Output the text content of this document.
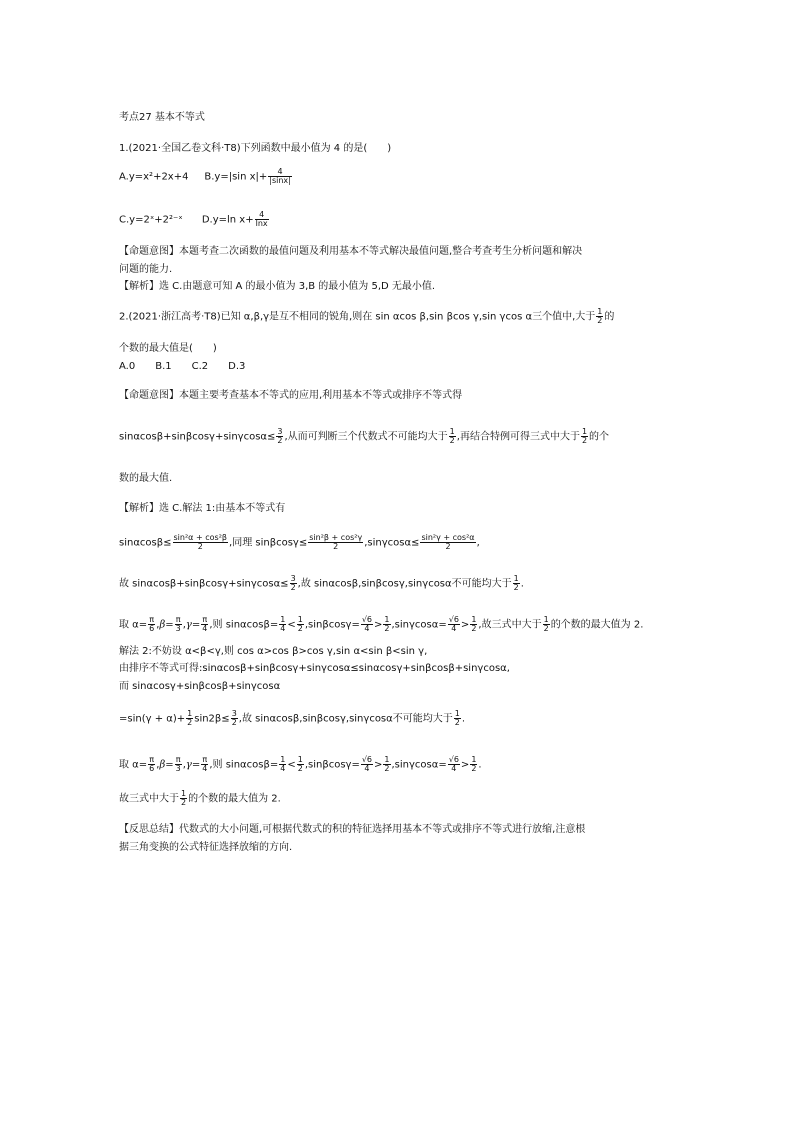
考点27 基本不等式
1.(2021·全国乙卷文科·T8)下列函数中最小值为 4 的是(　　)
A.y=x²+2x+4 B.y=|sin $x|+ \frac{4}{|\sin x|}$
C.y=2ˣ+2²⁻ˣ D.y=ln $x+ \frac{4}{\ln x}$
【命题意图】本题考查二次函数的最值问题及利用基本不等式解决最值问题,整合考查考生分析问题和解决
问题的能力.
【解析】选 C.由题意可知 A 的最小值为 3,B 的最小值为 5,D 无最小值.
2.(2021·浙江高考·T8)已知 α,β,γ是互不相同的锐角,则在 sin αcos β,sin βcos γ,sin γcos α三个值中,大于 $\frac{1}{2}$ 的
个数的最大值是(　　)
A.0　　B.1　　C.2　　D.3
【命题意图】本题主要考查基本不等式的应用,利用基本不等式或排序不等式得
$\sin\alpha\cos\beta+\sin\beta\cos\gamma+\sin\gamma\cos\alpha\le \frac{3}{2}$ ,从而可判断三个代数式不可能均大于 $\frac{1}{2}$ ,再结合特例可得三式中大于 $\frac{1}{2}$ 的个
数的最大值.
【解析】选 C.解法 1:由基本不等式有
$\sin\alpha\cos\beta\le \frac{\text{sin²α + cos²β}}{2}$ ,同理 $\sin\beta\cos\gamma\le \frac{\text{sin²β + cos²γ}}{2} ,\sin\gamma\cos\alpha\le \frac{\text{sin²γ + cos²α}}{2}$ ,
故 $\sin\alpha\cos\beta+\sin\beta\cos\gamma+\sin\gamma\cos\alpha\le \frac{3}{2}$ ,故 sinαcosβ,sinβcosγ,sinγcosα不可能均大于 $\frac{1}{2}$ .
取 $\alpha= \frac{\pi}{6} ,\beta= \frac{\pi}{3} ,\gamma= \frac{\pi}{4}$ ,则 $\sin\alpha\cos\beta= \frac{1}{4} < \frac{1}{2} ,\sin\beta\cos\gamma= \frac{√6}{4} > \frac{1}{2} ,\sin\gamma\cos\alpha= \frac{√6}{4} > \frac{1}{2}$ ,故三式中大于 $\frac{1}{2}$ 的个数的最大值为 2.
解法 2:不妨设 α<β<γ,则 cos α>cos β>cos γ,sin α<sin β<sin γ,
由排序不等式可得:sinαcosβ+sinβcosγ+sinγcosα≤sinαcosγ+sinβcosβ+sinγcosα,
而 sinαcosγ+sinβcosβ+sinγcosα
$=\sin(\gamma + \alpha)+ \frac{1}{2} \sin 2\beta\le \frac{3}{2}$ ,故 sinαcosβ,sinβcosγ,sinγcosα不可能均大于 $\frac{1}{2}$ .
取 $\alpha= \frac{\pi}{6} ,\beta= \frac{\pi}{3} ,\gamma= \frac{\pi}{4}$ ,则 $\sin\alpha\cos\beta= \frac{1}{4} < \frac{1}{2} ,\sin\beta\cos\gamma= \frac{√6}{4} > \frac{1}{2} ,\sin\gamma\cos\alpha= \frac{√6}{4} > \frac{1}{2}$ .
故三式中大于 $\frac{1}{2}$ 的个数的最大值为 2.
【反思总结】代数式的大小问题,可根据代数式的积的特征选择用基本不等式或排序不等式进行放缩,注意根
据三角变换的公式特征选择放缩的方向.
